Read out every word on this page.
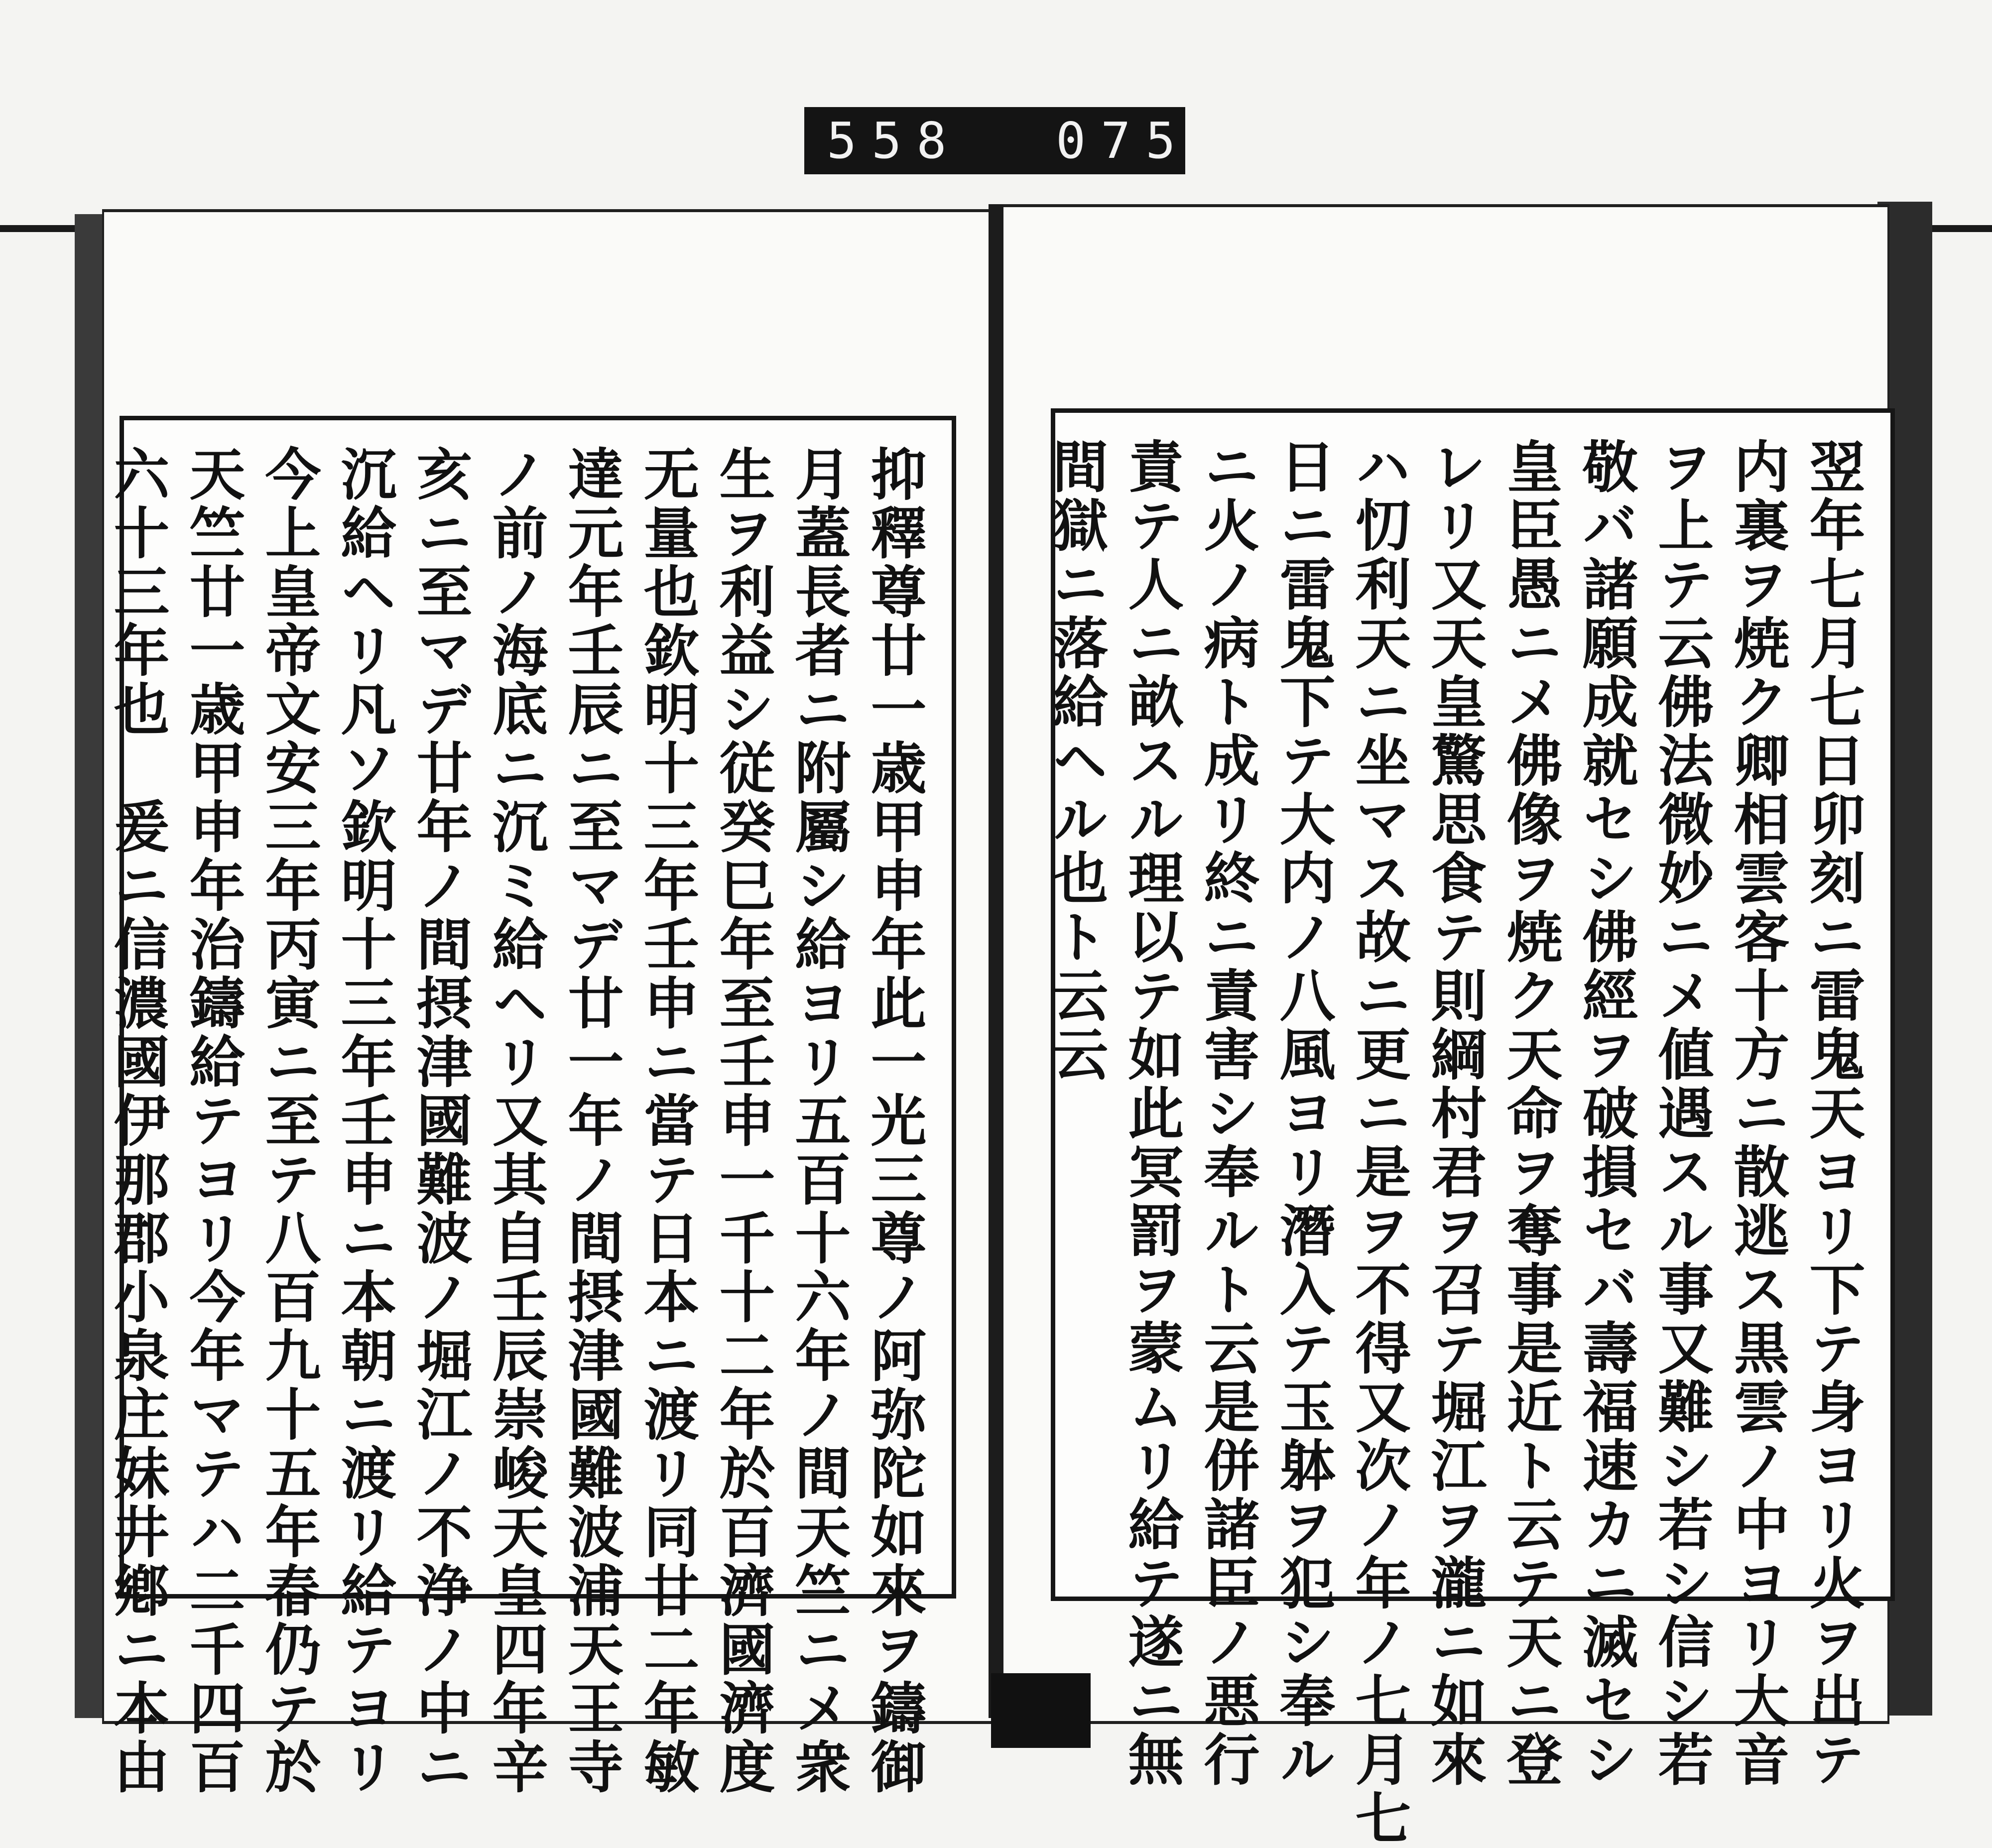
558 075

翌年七月七日卯刻ニ雷鬼天ヨリ下テ身ヨリ火ヲ出テ

内裏ヲ焼ク卿相雲客十方ニ散逃ス黒雲ノ中ヨリ大音

ヲ上テ云佛法微妙ニメ値遇スル事又難シ若シ信シ若

敬バ諸願成就セシ佛經ヲ破損セバ壽福速カニ滅セシ

皇臣愚ニメ佛像ヲ焼ク天命ヲ奪事是近ト云テ天ニ登

レリ又天皇驚思食テ則綱村君ヲ召テ堀江ヲ瀧ニ如來

ハ忉利天ニ坐マス故ニ更ニ是ヲ不得又次ノ年ノ七月七

日ニ雷鬼下テ大内ノ八風ヨリ潛入テ玉躰ヲ犯シ奉ル

ニ火ノ病ト成リ終ニ責害シ奉ルト云是併諸臣ノ悪行

責テ人ニ畝スル理以テ如此冥罰ヲ蒙ムリ給テ遂ニ無

間獄ニ落給ヘル也ト云云

抑釋尊廿一歳甲申年此一光三尊ノ阿弥陀如來ヲ鑄御

月蓋長者ニ附屬シ給ヨリ五百十六年ノ間天竺ニメ衆

生ヲ利益シ従癸巳年至壬申一千十二年於百濟國濟度

无量也欽明十三年壬申ニ當テ日本ニ渡リ同廿二年敏

達元年壬辰ニ至マデ廿一年ノ間摂津國難波浦天王寺

ノ前ノ海底ニ沉ミ給ヘリ又其自壬辰崇峻天皇四年辛

亥ニ至マデ廿年ノ間摂津國難波ノ堀江ノ不浄ノ中ニ

沉給ヘリ凡ソ欽明十三年壬申ニ本朝ニ渡リ給テヨリ

今上皇帝文安三年丙寅ニ至テ八百九十五年㫪仍テ於

天竺廿一歳甲申年治鑄給テヨリ今年マテハ二千四百

六十三年也　爰ニ信濃國伊那郡小泉庄妹井鄕ニ本由
